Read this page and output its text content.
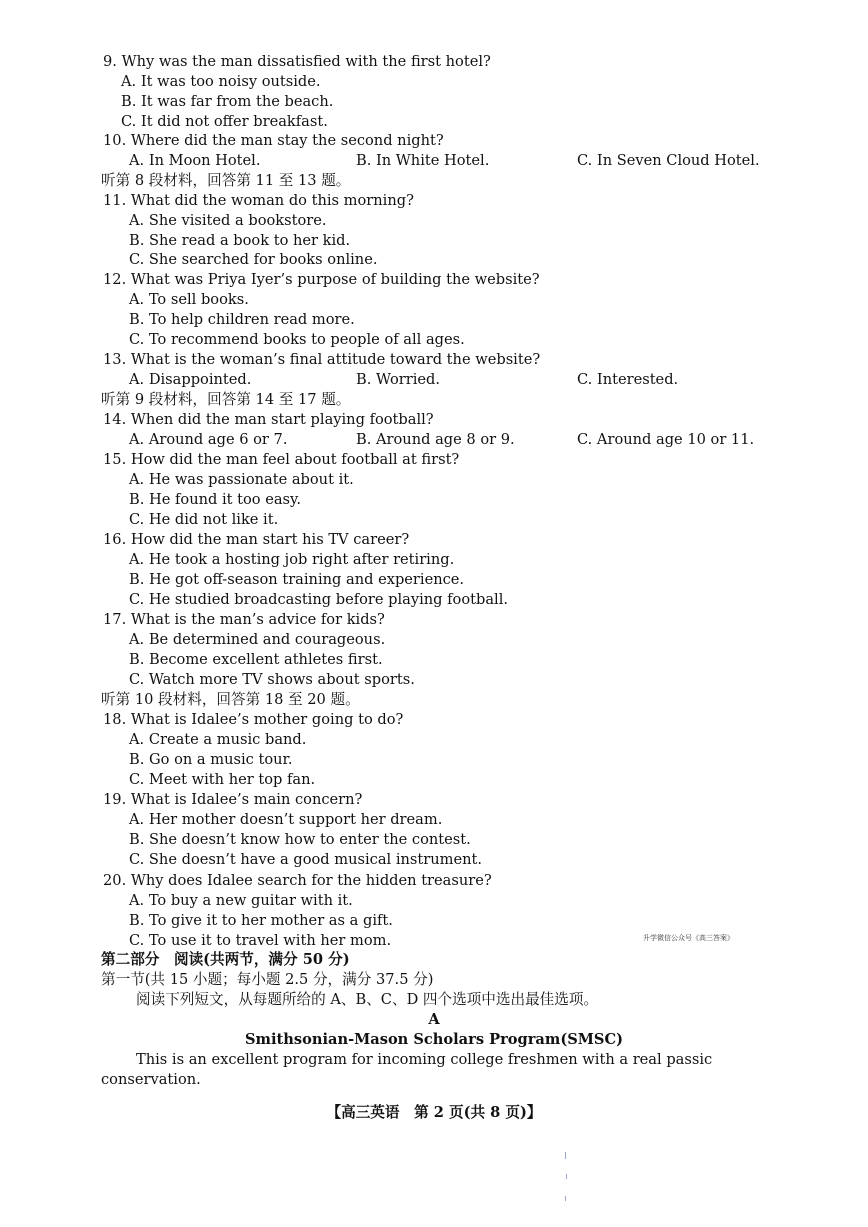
9. Why was the man dissatisfied with the first hotel?
A. It was too noisy outside.
B. It was far from the beach.
C. It did not offer breakfast.
10. Where did the man stay the second night?
A. In Moon Hotel.	B. In White Hotel.	C. In Seven Cloud Hotel.
听第 8 段材料，回答第 11 至 13 题。
11. What did the woman do this morning?
A. She visited a bookstore.
B. She read a book to her kid.
C. She searched for books online.
12. What was Priya Iyer’s purpose of building the website?
A. To sell books.
B. To help children read more.
C. To recommend books to people of all ages.
13. What is the woman’s final attitude toward the website?
A. Disappointed.	B. Worried.	C. Interested.
听第 9 段材料，回答第 14 至 17 题。
14. When did the man start playing football?
A. Around age 6 or 7.	B. Around age 8 or 9.	C. Around age 10 or 11.
15. How did the man feel about football at first?
A. He was passionate about it.
B. He found it too easy.
C. He did not like it.
16. How did the man start his TV career?
A. He took a hosting job right after retiring.
B. He got off-season training and experience.
C. He studied broadcasting before playing football.
17. What is the man’s advice for kids?
A. Be determined and courageous.
B. Become excellent athletes first.
C. Watch more TV shows about sports.
听第 10 段材料，回答第 18 至 20 题。
18. What is Idalee’s mother going to do?
A. Create a music band.
B. Go on a music tour.
C. Meet with her top fan.
19. What is Idalee’s main concern?
A. Her mother doesn’t support her dream.
B. She doesn’t know how to enter the contest.
C. She doesn’t have a good musical instrument.
20. Why does Idalee search for the hidden treasure?
A. To buy a new guitar with it.
B. To give it to her mother as a gift.
C. To use it to travel with her mom.	升学微信公众号《高三答案》
第二部分　阅读(共两节，满分 50 分)
第一节(共 15 小题；每小题 2.5 分，满分 37.5 分)
阅读下列短文，从每题所给的 A、B、C、D 四个选项中选出最佳选项。
A
Smithsonian-Mason Scholars Program(SMSC)
This is an excellent program for incoming college freshmen with a real passic
conservation.
【高三英语　第 2 页(共 8 页)】
